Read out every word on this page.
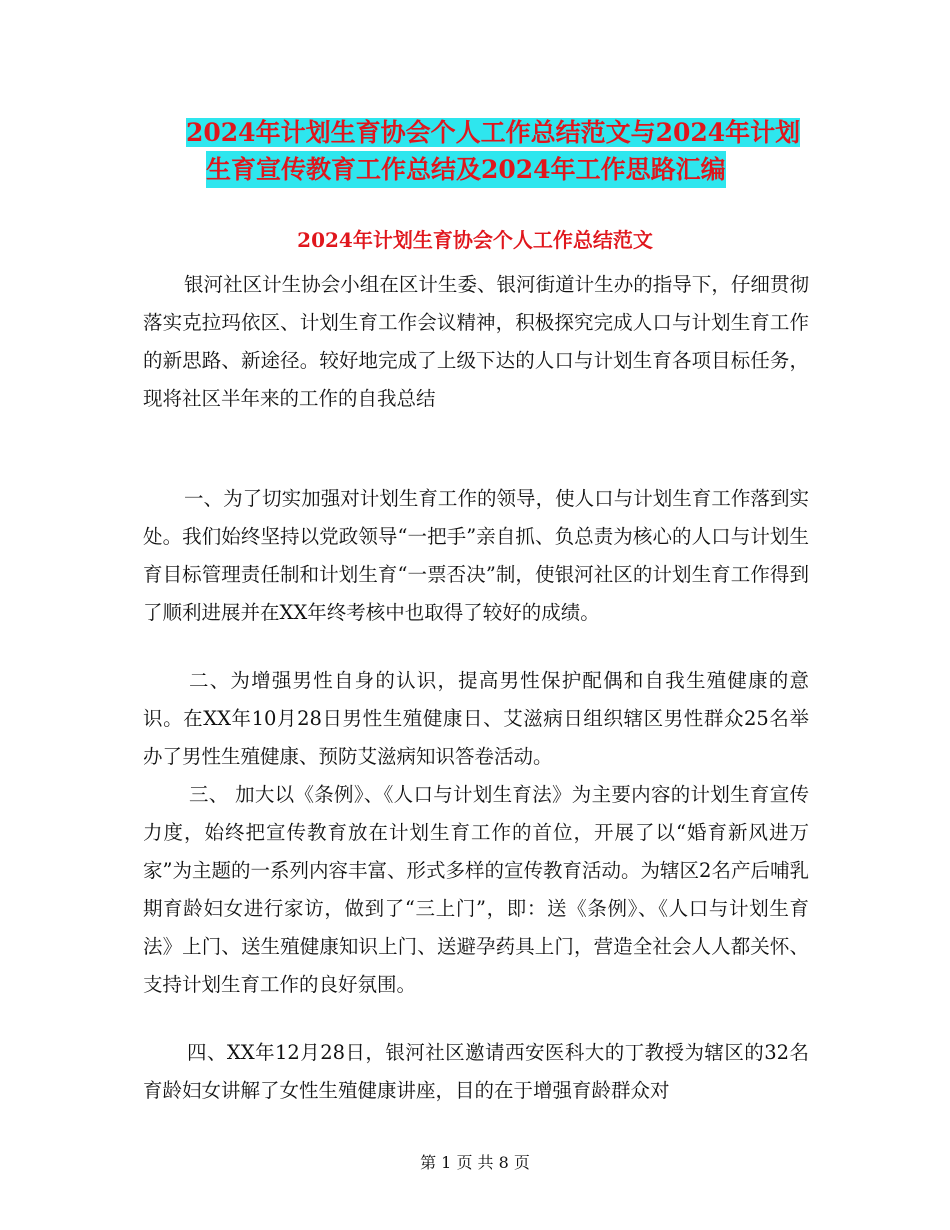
2024年计划生育协会个人工作总结范文与2024年计划
生育宣传教育工作总结及2024年工作思路汇编
2024年计划生育协会个人工作总结范文

银河社区计生协会小组在区计生委、银河街道计生办的指导下，仔细贯彻落实克拉玛依区、计划生育工作会议精神，积极探究完成人口与计划生育工作的新思路、新途径。较好地完成了上级下达的人口与计划生育各项目标任务，现将社区半年来的工作的自我总结

一、为了切实加强对计划生育工作的领导，使人口与计划生育工作落到实处。我们始终坚持以党政领导“一把手”亲自抓、负总责为核心的人口与计划生育目标管理责任制和计划生育“一票否决”制，使银河社区的计划生育工作得到了顺利进展并在XX年终考核中也取得了较好的成绩。

二、为增强男性自身的认识，提高男性保护配偶和自我生殖健康的意识。在XX年10月28日男性生殖健康日、艾滋病日组织辖区男性群众25名举办了男性生殖健康、预防艾滋病知识答卷活动。

三、 加大以《条例》、《人口与计划生育法》为主要内容的计划生育宣传力度，始终把宣传教育放在计划生育工作的首位，开展了以“婚育新风进万家”为主题的一系列内容丰富、形式多样的宣传教育活动。为辖区2名产后哺乳期育龄妇女进行家访，做到了“三上门”，即：送《条例》、《人口与计划生育法》上门、送生殖健康知识上门、送避孕药具上门，营造全社会人人都关怀、支持计划生育工作的良好氛围。

四、XX年12月28日，银河社区邀请西安医科大的丁教授为辖区的32名育龄妇女讲解了女性生殖健康讲座，目的在于增强育龄群众对

第 1 页 共 8 页
